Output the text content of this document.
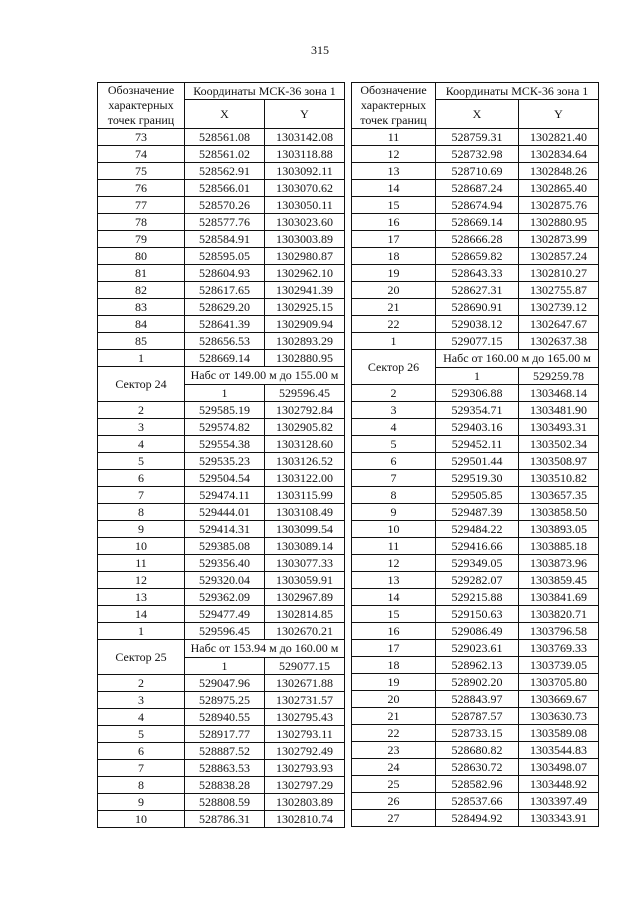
315
Обозначение характерных точек границ	Координаты МСК-36 зона 1		
	X	Y	
73	528561.08	1303142.08	
74	528561.02	1303118.88	
75	528562.91	1303092.11	
76	528566.01	1303070.62	
77	528570.26	1303050.11	
78	528577.76	1303023.60	
79	528584.91	1303003.89	
80	528595.05	1302980.87	
81	528604.93	1302962.10	
82	528617.65	1302941.39	
83	528629.20	1302925.15	
84	528641.39	1302909.94	
85	528656.53	1302893.29	
1	528669.14	1302880.95	
Сектор 24	Набс от 149.00 м до 155.00 м		
	1	529596.45	
2	529585.19	1302792.84	
3	529574.82	1302905.82	
4	529554.38	1303128.60	
5	529535.23	1303126.52	
6	529504.54	1303122.00	
7	529474.11	1303115.99	
8	529444.01	1303108.49	
9	529414.31	1303099.54	
10	529385.08	1303089.14	
11	529356.40	1303077.33	
12	529320.04	1303059.91	
13	529362.09	1302967.89	
14	529477.49	1302814.85	
1	529596.45	1302670.21	
Сектор 25	Набс от 153.94 м до 160.00 м		
	1	529077.15	
2	529047.96	1302671.88	
3	528975.25	1302731.57	
4	528940.55	1302795.43	
5	528917.77	1302793.11	
6	528887.52	1302792.49	
7	528863.53	1302793.93	
8	528838.28	1302797.29	
9	528808.59	1302803.89	
10	528786.31	1302810.74	
Обозначение характерных точек границ	Координаты МСК-36 зона 1		
	X	Y	
11	528759.31	1302821.40	
12	528732.98	1302834.64	
13	528710.69	1302848.26	
14	528687.24	1302865.40	
15	528674.94	1302875.76	
16	528669.14	1302880.95	
17	528666.28	1302873.99	
18	528659.82	1302857.24	
19	528643.33	1302810.27	
20	528627.31	1302755.87	
21	528690.91	1302739.12	
22	529038.12	1302647.67	
1	529077.15	1302637.38	
Сектор 26	Набс от 160.00 м до 165.00 м		
	1	529259.78	
2	529306.88	1303468.14	
3	529354.71	1303481.90	
4	529403.16	1303493.31	
5	529452.11	1303502.34	
6	529501.44	1303508.97	
7	529519.30	1303510.82	
8	529505.85	1303657.35	
9	529487.39	1303858.50	
10	529484.22	1303893.05	
11	529416.66	1303885.18	
12	529349.05	1303873.96	
13	529282.07	1303859.45	
14	529215.88	1303841.69	
15	529150.63	1303820.71	
16	529086.49	1303796.58	
17	529023.61	1303769.33	
18	528962.13	1303739.05	
19	528902.20	1303705.80	
20	528843.97	1303669.67	
21	528787.57	1303630.73	
22	528733.15	1303589.08	
23	528680.82	1303544.83	
24	528630.72	1303498.07	
25	528582.96	1303448.92	
26	528537.66	1303397.49	
27	528494.92	1303343.91	
